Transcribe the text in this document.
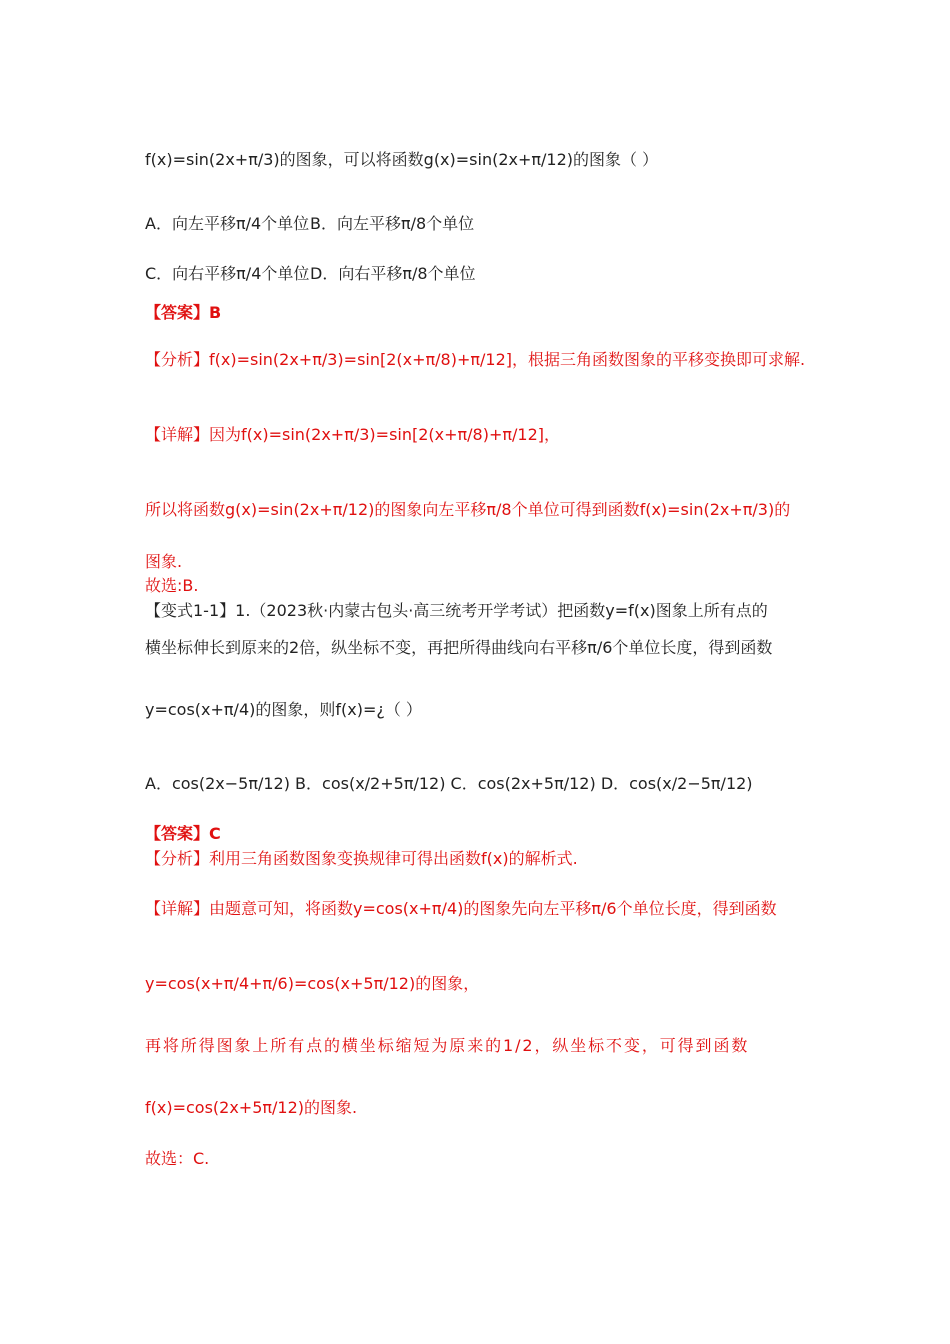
f(x)=sin(2x+π/3)的图象，可以将函数g(x)=sin(2x+π/12)的图象（ ）
A．向左平移π/4个单位 B．向左平移π/8个单位
C．向右平移π/4个单位 D．向右平移π/8个单位
【答案】B
【分析】f(x)=sin(2x+π/3)=sin[2(x+π/8)+π/12]，根据三角函数图象的平移变换即可求解.
【详解】因为f(x)=sin(2x+π/3)=sin[2(x+π/8)+π/12]，
所以将函数g(x)=sin(2x+π/12)的图象向左平移π/8个单位可得到函数f(x)=sin(2x+π/3)的
图象.
故选:B.
【变式1-1】1.（2023秋·内蒙古包头·高三统考开学考试）把函数y=f(x)图象上所有点的
横坐标伸长到原来的2倍，纵坐标不变，再把所得曲线向右平移π/6个单位长度，得到函数
y=cos(x+π/4)的图象，则f(x)=¿（ ）
A．cos(2x−5π/12) B．cos(x/2+5π/12) C．cos(2x+5π/12) D．cos(x/2−5π/12)
【答案】C
【分析】利用三角函数图象变换规律可得出函数f(x)的解析式.
【详解】由题意可知，将函数y=cos(x+π/4)的图象先向左平移π/6个单位长度，得到函数
y=cos(x+π/4+π/6)=cos(x+5π/12)的图象，
再将所得图象上所有点的横坐标缩短为原来的1/2，纵坐标不变，可得到函数
f(x)=cos(2x+5π/12)的图象.
故选：C.
